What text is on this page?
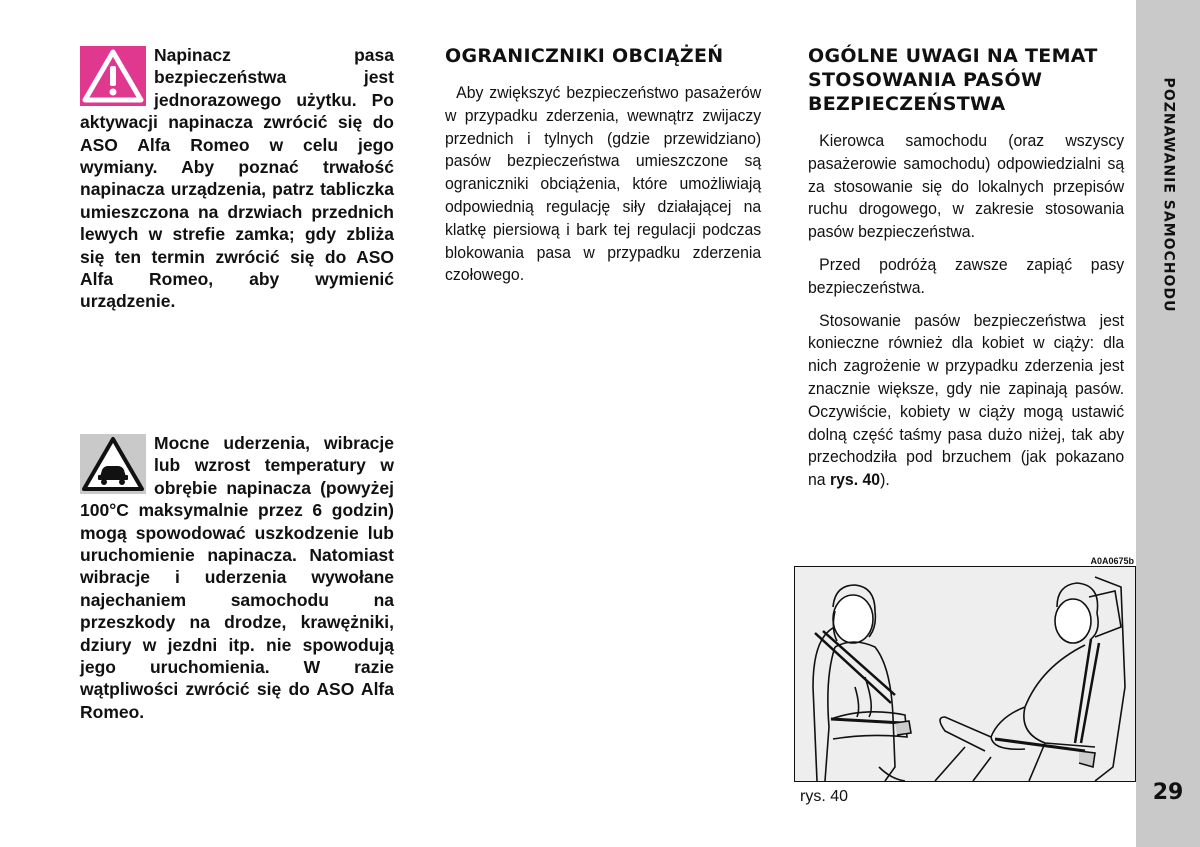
Napinacz pasa bezpieczeństwa jest jednorazowego użytku. Po aktywacji napinacza zwrócić się do ASO Alfa Romeo w celu jego wymiany. Aby poznać trwałość napinacza urządzenia, patrz tabliczka umieszczona na drzwiach przednich lewych w strefie zamka; gdy zbliża się ten termin zwrócić się do ASO Alfa Romeo, aby wymienić urządzenie.

Mocne uderzenia, wibracje lub wzrost temperatury w obrębie napinacza (powyżej 100°C maksymalnie przez 6 godzin) mogą spowodować uszkodzenie lub uruchomienie napinacza. Natomiast wibracje i uderzenia wywołane najechaniem samochodu na przeszkody na drodze, krawężniki, dziury w jezdni itp. nie spowodują jego uruchomienia. W razie wątpliwości zwrócić się do ASO Alfa Romeo.

OGRANICZNIKI OBCIĄŻEŃ

Aby zwiększyć bezpieczeństwo pasażerów w przypadku zderzenia, wewnątrz zwijaczy przednich i tylnych (gdzie przewidziano) pasów bezpieczeństwa umieszczone są ograniczniki obciążenia, które umożliwiają odpowiednią regulację siły działającej na klatkę piersiową i bark tej regulacji podczas blokowania pasa w przypadku zderzenia czołowego.

OGÓLNE UWAGI NA TEMAT STOSOWANIA PASÓW BEZPIECZEŃSTWA

Kierowca samochodu (oraz wszyscy pasażerowie samochodu) odpowiedzialni są za stosowanie się do lokalnych przepisów ruchu drogowego, w zakresie stosowania pasów bezpieczeństwa.

Przed podróżą zawsze zapiąć pasy bezpieczeństwa.

Stosowanie pasów bezpieczeństwa jest konieczne również dla kobiet w ciąży: dla nich zagrożenie w przypadku zderzenia jest znacznie większe, gdy nie zapinają pasów. Oczywiście, kobiety w ciąży mogą ustawić dolną część taśmy pasa dużo niżej, tak aby przechodziła pod brzuchem (jak pokazano na rys. 40).

A0A0675b
rys. 40
POZNAWANIE SAMOCHODU
29
